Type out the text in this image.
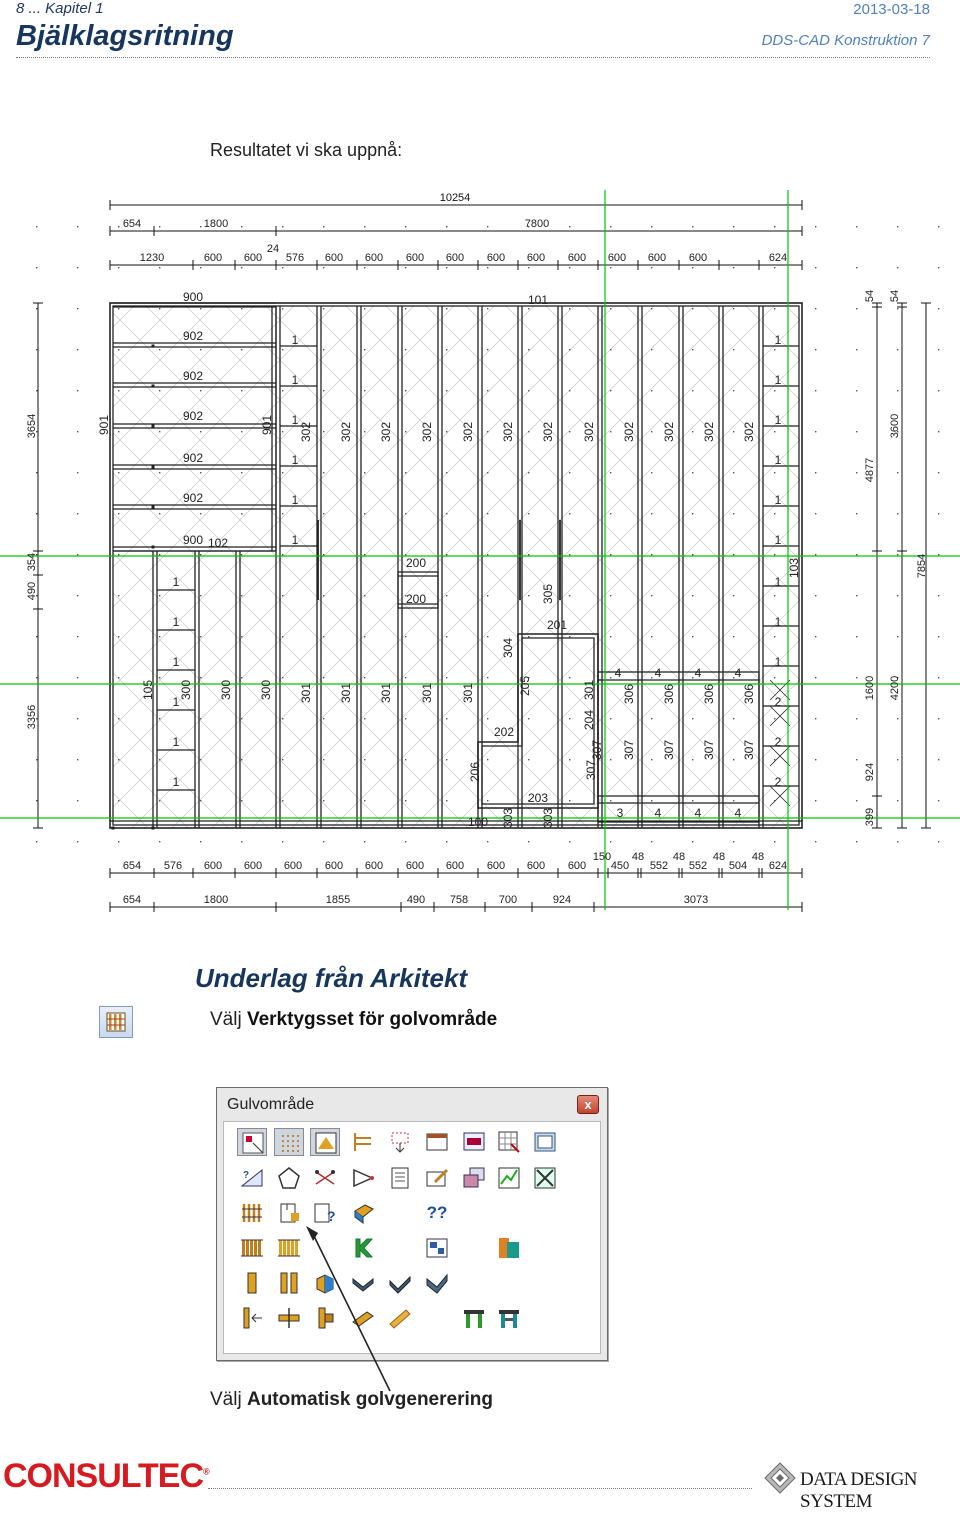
8 ... Kapitel 1
Bjälklagsritning
2013-03-18
DDS-CAD Konstruktion 7
Resultatet vi ska uppnå:
10254
654	1800	7800
1230	600 600
24
576 600 600 600 600 600 600 600 600 600 600	624
900	101
902
902
902
902
902
900 102
901	901
1
1
1
1
1
1
302 302 302 302 302 302 302 302 302 302 302 302
1
1
1
1
1
1
1
1
1
103
200
200	305
201
304
205
1
1
1
1
1
1
105 300 300 300 301 301 301 301 301
202
204
301
4	4	4	4
306 306 306 306 2
2
2
307 307 307 307 307
206	307
203
303 303
100
3	4	4	4
3654
490
354
3356
54 54
3600
4877
7854
1600 4200
924
399
654 576 600 600 600 600 600 600 600 600 600 600
150
450
48
552
48
552
48
504
48
624
654	1800	1855	490 758	700	924	3073
Underlag från Arkitekt
Välj Verktygsset för golvområde
Gulvområde	x
?
?	??
Välj Automatisk golvgenerering
CONSULTEC®	DATA DESIGN SYSTEM
